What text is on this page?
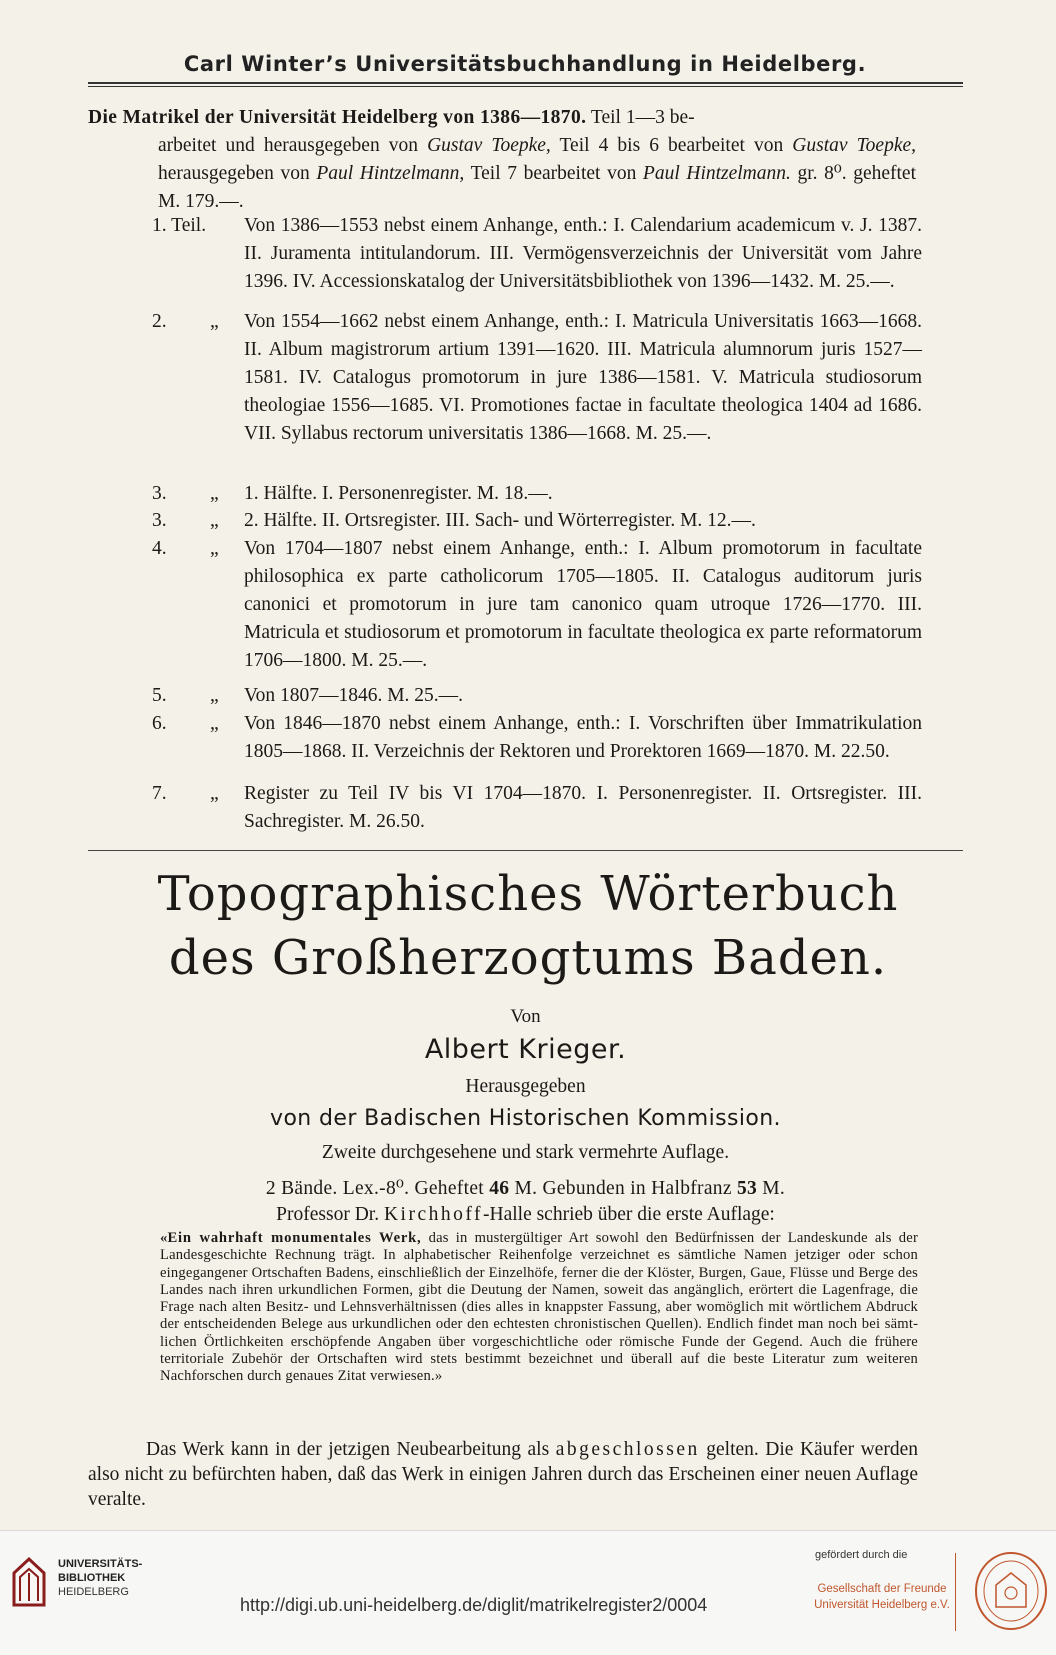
Carl Winter’s Universitätsbuchhandlung in Heidelberg.
Die Matrikel der Universität Heidelberg von 1386—1870. Teil 1—3 be-
arbeitet und herausgegeben von Gustav Toepke, Teil 4 bis 6 bearbeitet von Gustav Toepke, herausgegeben von Paul Hintzelmann, Teil 7 bearbeitet von Paul Hintzelmann. gr. 8⁰. geheftet M. 179.—.
1. Teil.	Von 1386—1553 nebst einem Anhange, enth.: I. Calendarium academicum v. J. 1387. II. Juramenta intitulandorum. III. Vermögensverzeichnis der Universität vom Jahre 1396. IV. Accessionskatalog der Universitätsbibliothek von 1396—1432. M. 25.—.
2.	„ Von 1554—1662 nebst einem Anhange, enth.: I. Matricula Universitatis 1663—1668. II. Album magistrorum artium 1391—1620. III. Matricula alumnorum juris 1527—1581. IV. Catalogus promotorum in jure 1386—1581. V. Matricula studiosorum theologiae 1556—1685. VI. Promotiones factae in facultate theologica 1404 ad 1686. VII. Syllabus rectorum universitatis 1386—1668. M. 25.—.
3.	„ 1. Hälfte. I. Personenregister. M. 18.—.
3.	„ 2. Hälfte. II. Ortsregister. III. Sach- und Wörterregister. M. 12.—.
4.	„ Von 1704—1807 nebst einem Anhange, enth.: I. Album promotorum in facultate philosophica ex parte catholicorum 1705—1805. II. Catalogus auditorum juris canonici et promotorum in jure tam canonico quam utroque 1726—1770. III. Matricula et studiosorum et promotorum in facultate theologica ex parte reformatorum 1706—1800. M. 25.—.
5.	„ Von 1807—1846. M. 25.—.
6.	„ Von 1846—1870 nebst einem Anhange, enth.: I. Vorschriften über Immatrikulation 1805—1868. II. Verzeichnis der Rektoren und Prorektoren 1669—1870. M. 22.50.
7.	„ Register zu Teil IV bis VI 1704—1870. I. Personenregister. II. Ortsregister. III. Sachregister. M. 26.50.
Topographisches Wörterbuch
des Großherzogtums Baden.
Von
Albert Krieger.
Herausgegeben
von der Badischen Historischen Kommission.
Zweite durchgesehene und stark vermehrte Auflage.
2 Bände. Lex.-8⁰. Geheftet 46 M. Gebunden in Halbfranz 53 M.
Professor Dr. Kirchhoff-Halle schrieb über die erste Auflage:
«Ein wahrhaft monumentales Werk, das in mustergültiger Art sowohl den Bedürfnissen der Landeskunde als der Landesgeschichte Rechnung trägt. In alphabetischer Reihenfolge verzeichnet es sämtliche Namen jetziger oder schon eingegangener Ortschaften Badens, einschließlich der Einzelhöfe, ferner die der Klöster, Burgen, Gaue, Flüsse und Berge des Landes nach ihren urkundlichen Formen, gibt die Deutung der Namen, soweit das angänglich, erörtert die Lagenfrage, die Frage nach alten Besitz- und Lehnsverhältnissen (dies alles in knappster Fassung, aber womöglich mit wörtlichem Abdruck der entscheidenden Belege aus urkundlichen oder den echtesten chronistischen Quellen). Endlich findet man noch bei sämtlichen Örtlichkeiten erschöpfende Angaben über vorgeschichtliche oder römische Funde der Gegend. Auch die frühere territoriale Zubehör der Ortschaften wird stets bestimmt bezeichnet und überall auf die beste Literatur zum weiteren Nachforschen durch genaues Zitat verwiesen.»
Das Werk kann in der jetzigen Neubearbeitung als abgeschlossen gelten. Die Käufer werden also nicht zu befürchten haben, daß das Werk in einigen Jahren durch das Erscheinen einer neuen Auflage veralte.
UNIVERSITÄTS-
BIBLIOTHEK
HEIDELBERG
http://digi.ub.uni-heidelberg.de/diglit/matrikelregister2/0004
gefördert durch die
Gesellschaft der Freunde
Universität Heidelberg e.V.
